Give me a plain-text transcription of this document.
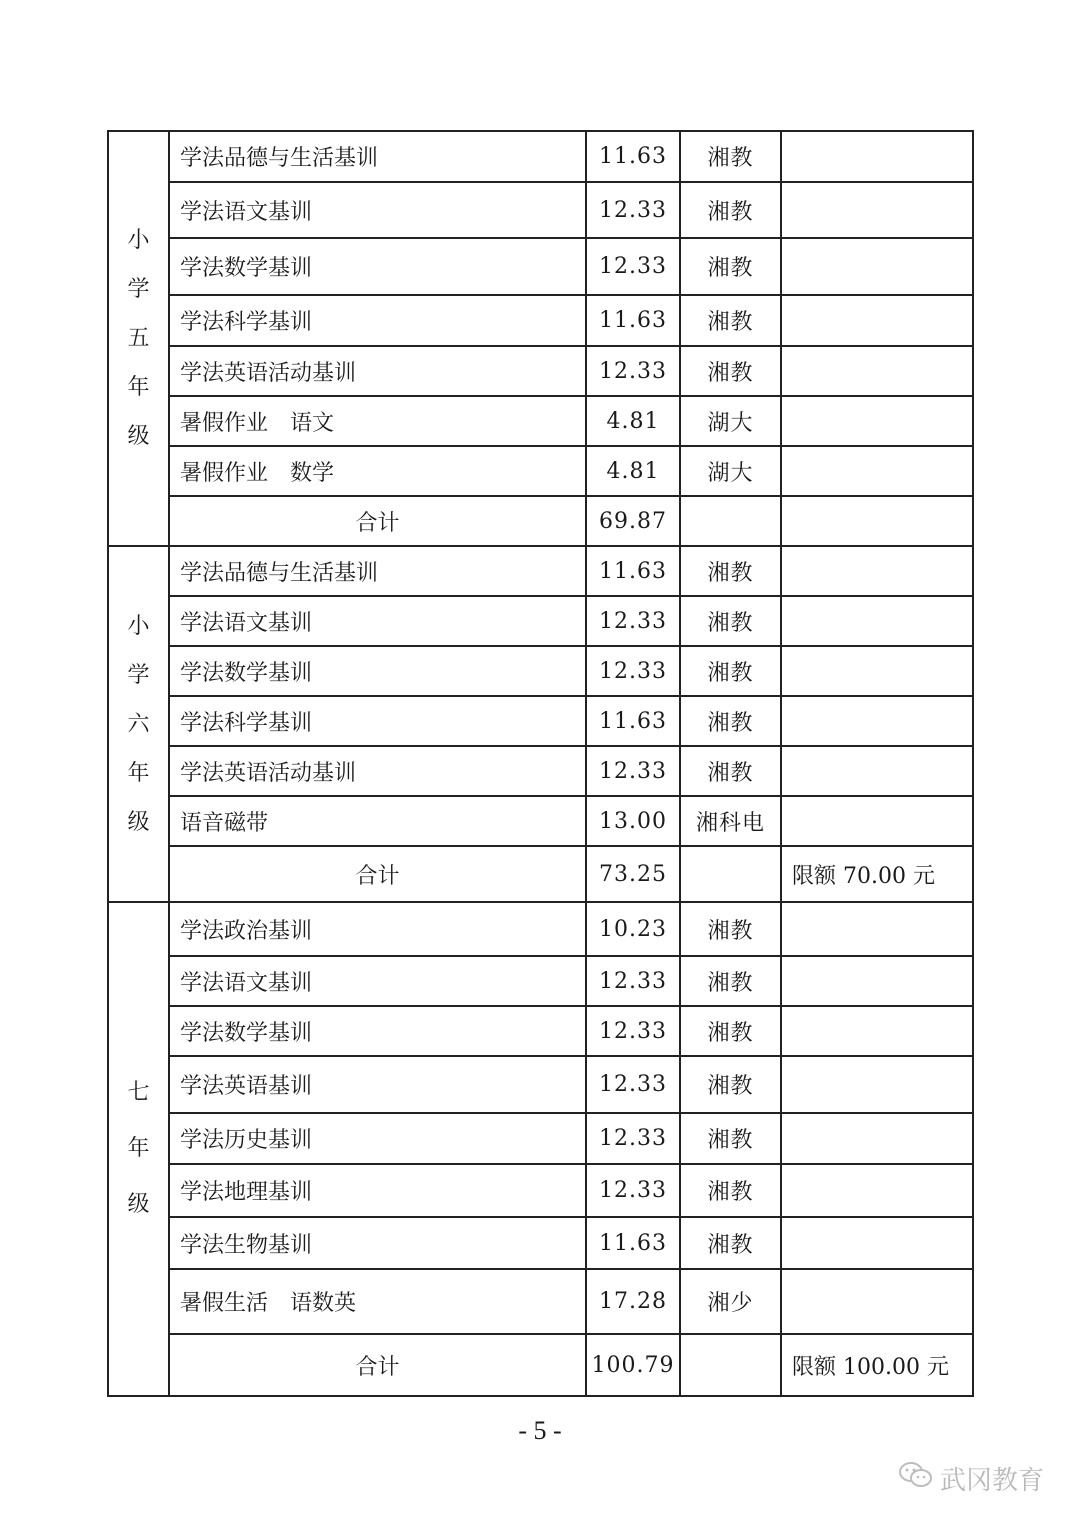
小
学
五
年
级	学法品德与生活基训	11.63	湘教	
	学法语文基训	12.33	湘教	
	学法数学基训	12.33	湘教	
	学法科学基训	11.63	湘教	
	学法英语活动基训	12.33	湘教	
	暑假作业　语文	4.81	湖大	
	暑假作业　数学	4.81	湖大	
	合计	69.87		

小
学
六
年
级	学法品德与生活基训	11.63	湘教	
	学法语文基训	12.33	湘教	
	学法数学基训	12.33	湘教	
	学法科学基训	11.63	湘教	
	学法英语活动基训	12.33	湘教	
	语音磁带	13.00	湘科电	
	合计	73.25		限额 70.00 元

七
年
级	学法政治基训	10.23	湘教	
	学法语文基训	12.33	湘教	
	学法数学基训	12.33	湘教	
	学法英语基训	12.33	湘教	
	学法历史基训	12.33	湘教	
	学法地理基训	12.33	湘教	
	学法生物基训	11.63	湘教	
	暑假生活　语数英	17.28	湘少	
	合计	100.79		限额 100.00 元
- 5 -
武冈教育
